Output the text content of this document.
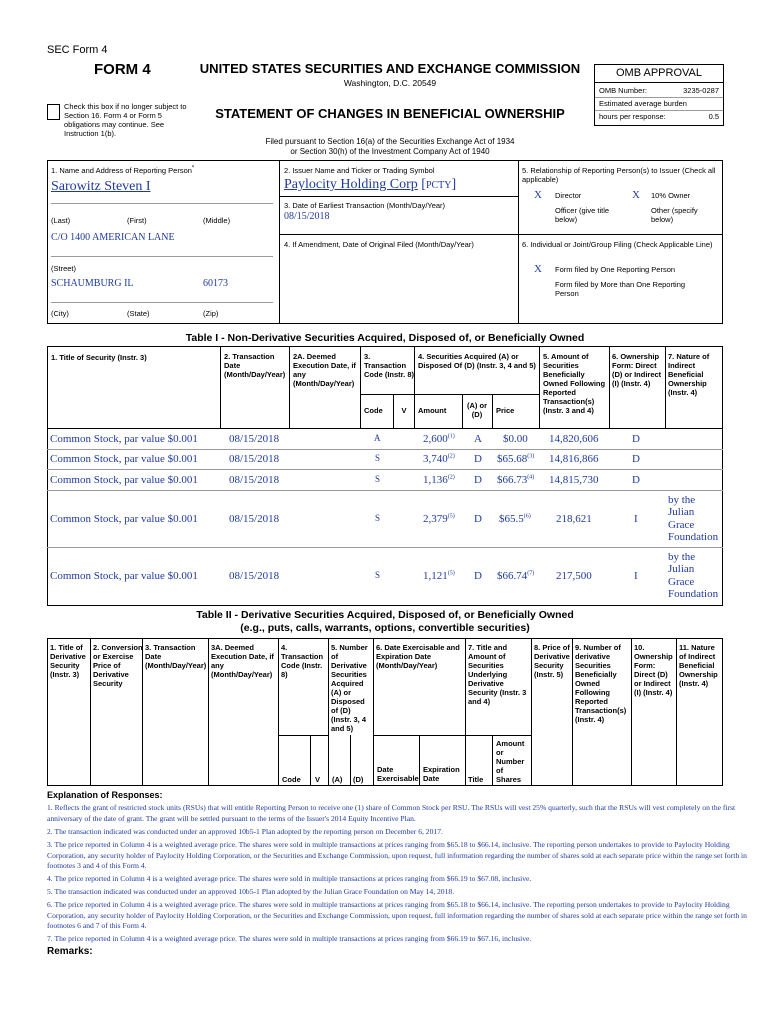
SEC Form 4
FORM 4	UNITED STATES SECURITIES AND EXCHANGE COMMISSION
Washington, D.C. 20549
Check this box if no longer subject to Section 16. Form 4 or Form 5 obligations may continue. See Instruction 1(b).
STATEMENT OF CHANGES IN BENEFICIAL OWNERSHIP
Filed pursuant to Section 16(a) of the Securities Exchange Act of 1934
or Section 30(h) of the Investment Company Act of 1940
OMB APPROVAL
OMB Number:	3235-0287
Estimated average burden
hours per response:	0.5
1. Name and Address of Reporting Person*
Sarowitz Steven I
(Last)	(First)	(Middle)
C/O 1400 AMERICAN LANE
(Street)
SCHAUMBURG IL	60173
(City)	(State)	(Zip)
2. Issuer Name and Ticker or Trading Symbol
Paylocity Holding Corp [PCTY]
3. Date of Earliest Transaction (Month/Day/Year)
08/15/2018
4. If Amendment, Date of Original Filed (Month/Day/Year)
5. Relationship of Reporting Person(s) to Issuer (Check all applicable)
X Director	X 10% Owner
Officer (give title below)
Other (specify below)
6. Individual or Joint/Group Filing (Check Applicable Line)
X Form filed by One Reporting Person
Form filed by More than One Reporting Person
Table I - Non-Derivative Securities Acquired, Disposed of, or Beneficially Owned
1. Title of Security (Instr. 3)	2. Transaction Date (Month/Day/Year)
2A. Deemed Execution Date, if any (Month/Day/Year)
3. Transaction Code (Instr. 8)
4. Securities Acquired (A) or Disposed Of (D) (Instr. 3, 4 and 5)
5. Amount of Securities Beneficially Owned Following Reported Transaction(s) (Instr. 3 and 4)
6. Ownership Form: Direct (D) or Indirect (I) (Instr. 4)
7. Nature of Indirect Beneficial Ownership (Instr. 4)
Code	V	Amount
(A) or (D)	Price
Common Stock, par value $0.001	08/15/2018	A	2,600$^{(1)}$ A $0.00 14,820,606	D
Common Stock, par value $0.001	08/15/2018	S	3,740$^{(2)}$ D $65.68$^{(3)}$ 14,816,866	D
Common Stock, par value $0.001	08/15/2018	S	1,136$^{(2)}$ D $66.73$^{(4)}$ 14,815,730	D
Common Stock, par value $0.001	08/15/2018	S	2,379$^{(5)}$ D $65.5$^{(6)}$ 218,621	I
by the Julian Grace Foundation
Common Stock, par value $0.001	08/15/2018	S	1,121$^{(5)}$ D $66.74$^{(7)}$ 217,500	I
by the Julian Grace Foundation
Table II - Derivative Securities Acquired, Disposed of, or Beneficially Owned
(e.g., puts, calls, warrants, options, convertible securities)
1. Title of Derivative Security (Instr. 3)
2. Conversion or Exercise Price of Derivative Security
3. Transaction Date (Month/Day/Year)
3A. Deemed Execution Date, if any (Month/Day/Year)
4. Transaction Code (Instr. 8)
5. Number of Derivative Securities Acquired (A) or Disposed of (D) (Instr. 3, 4 and 5)
6. Date Exercisable and Expiration Date (Month/Day/Year)
7. Title and Amount of Securities Underlying Derivative Security (Instr. 3 and 4)
8. Price of Derivative Security (Instr. 5)
9. Number of derivative Securities Beneficially Owned Following Reported Transaction(s) (Instr. 4)
10. Ownership Form: Direct (D) or Indirect (I) (Instr. 4)
11. Nature of Indirect Beneficial Ownership (Instr. 4)
Code V (A) (D)
Date Exercisable
Expiration Date	Title
Amount or Number of Shares
Explanation of Responses:
1. Reflects the grant of restricted stock units (RSUs) that will entitle Reporting Person to receive one (1) share of Common Stock per RSU. The RSUs will vest 25% quarterly, such that the RSUs will vest completely on the first anniversary of the date of grant. The grant will be settled pursuant to the terms of the Issuer's 2014 Equity Incentive Plan.
2. The transaction indicated was conducted under an approved 10b5-1 Plan adopted by the reporting person on December 6, 2017.
3. The price reported in Column 4 is a weighted average price. The shares were sold in multiple transactions at prices ranging from $65.18 to $66.14, inclusive. The reporting person undertakes to provide to Paylocity Holding Corporation, any security holder of Paylocity Holding Corporation, or the Securities and Exchange Commission, upon request, full information regarding the number of shares sold at each separate price within the range set forth in footnotes 3 and 4 of this Form 4.
4. The price reported in Column 4 is a weighted average price. The shares were sold in multiple transactions at prices ranging from $66.19 to $67.08, inclusive.
5. The transaction indicated was conducted under an approved 10b5-1 Plan adopted by the Julian Grace Foundation on May 14, 2018.
6. The price reported in Column 4 is a weighted average price. The shares were sold in multiple transactions at prices ranging from $65.18 to $66.14, inclusive. The reporting person undertakes to provide to Paylocity Holding Corporation, any security holder of Paylocity Holding Corporation, or the Securities and Exchange Commission, upon request, full information regarding the number of shares sold at each separate price within the range set forth in footnotes 6 and 7 of this Form 4.
7. The price reported in Column 4 is a weighted average price. The shares were sold in multiple transactions at prices ranging from $66.19 to $67.16, inclusive.
Remarks:
